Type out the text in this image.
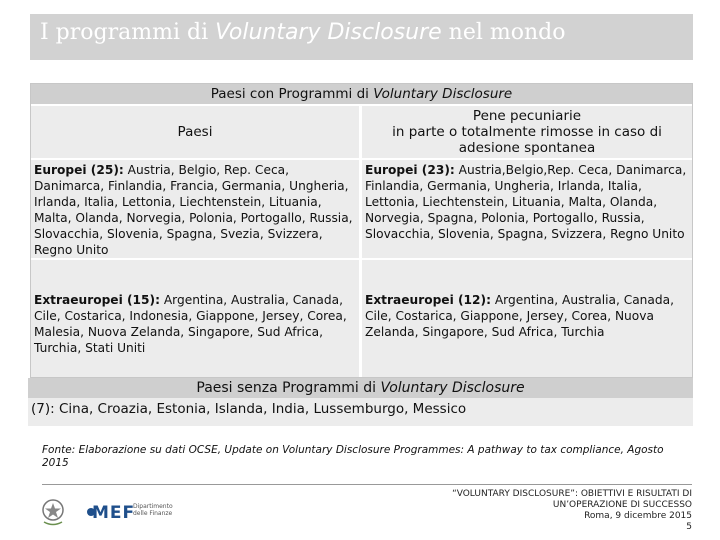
I programmi di Voluntary Disclosure nel mondo
Paesi con Programmi di Voluntary Disclosure
Paesi
Pene pecuniarie
in parte o totalmente rimosse in caso di
adesione spontanea
Europei (25): Austria, Belgio, Rep. Ceca, Danimarca, Finlandia, Francia, Germania, Ungheria, Irlanda, Italia, Lettonia, Liechtenstein, Lituania, Malta, Olanda, Norvegia, Polonia, Portogallo, Russia, Slovacchia, Slovenia, Spagna, Svezia, Svizzera, Regno Unito
Europei (23): Austria,Belgio,Rep. Ceca, Danimarca, Finlandia, Germania, Ungheria, Irlanda, Italia, Lettonia, Liechtenstein, Lituania, Malta, Olanda, Norvegia, Spagna, Polonia, Portogallo, Russia, Slovacchia, Slovenia, Spagna, Svizzera, Regno Unito
Extraeuropei (15): Argentina, Australia, Canada, Cile, Costarica, Indonesia, Giappone, Jersey, Corea, Malesia, Nuova Zelanda, Singapore, Sud Africa, Turchia, Stati Uniti
Extraeuropei (12): Argentina, Australia, Canada, Cile, Costarica, Giappone, Jersey, Corea, Nuova Zelanda, Singapore, Sud Africa, Turchia
Paesi senza Programmi di Voluntary Disclosure
(7): Cina, Croazia, Estonia, Islanda, India, Lussemburgo, Messico
Fonte: Elaborazione su dati OCSE, Update on Voluntary Disclosure Programmes: A pathway to tax compliance, Agosto 2015
MEF
Dipartimento
delle Finanze
“VOLUNTARY DISCLOSURE”: OBIETTIVI E RISULTATI DI
UN’OPERAZIONE DI SUCCESSO
Roma, 9 dicembre 2015
5
